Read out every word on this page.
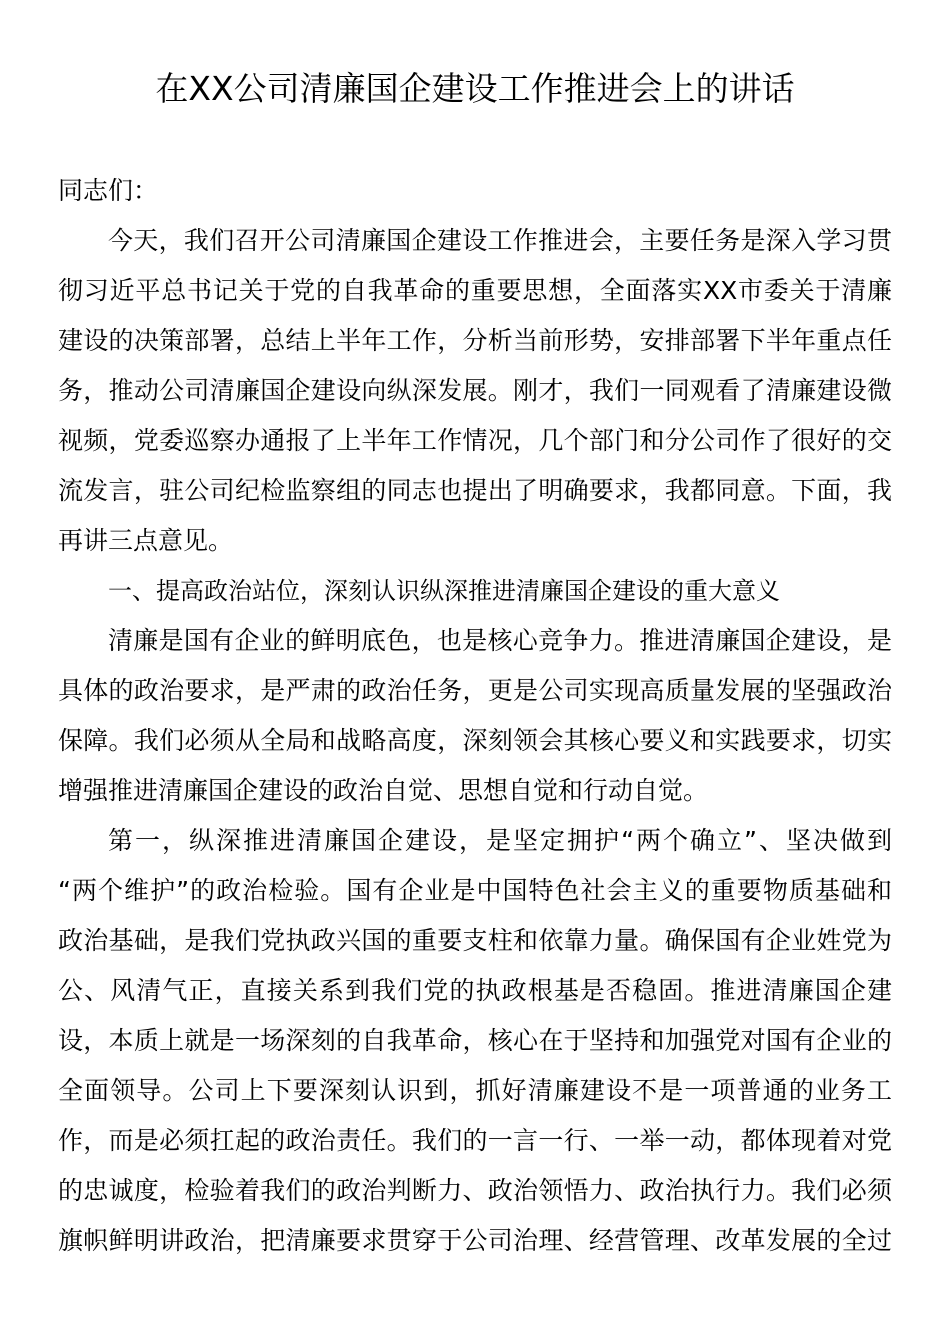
在XX公司清廉国企建设工作推进会上的讲话
同志们：
今天，我们召开公司清廉国企建设工作推进会，主要任务是深入学习贯
彻习近平总书记关于党的自我革命的重要思想，全面落实XX市委关于清廉
建设的决策部署，总结上半年工作，分析当前形势，安排部署下半年重点任
务，推动公司清廉国企建设向纵深发展。刚才，我们一同观看了清廉建设微
视频，党委巡察办通报了上半年工作情况，几个部门和分公司作了很好的交
流发言，驻公司纪检监察组的同志也提出了明确要求，我都同意。下面，我
再讲三点意见。
一、提高政治站位，深刻认识纵深推进清廉国企建设的重大意义
清廉是国有企业的鲜明底色，也是核心竞争力。推进清廉国企建设，是
具体的政治要求，是严肃的政治任务，更是公司实现高质量发展的坚强政治
保障。我们必须从全局和战略高度，深刻领会其核心要义和实践要求，切实
增强推进清廉国企建设的政治自觉、思想自觉和行动自觉。
第一，纵深推进清廉国企建设，是坚定拥护“两个确立”、坚决做到
“两个维护”的政治检验。国有企业是中国特色社会主义的重要物质基础和
政治基础，是我们党执政兴国的重要支柱和依靠力量。确保国有企业姓党为
公、风清气正，直接关系到我们党的执政根基是否稳固。推进清廉国企建
设，本质上就是一场深刻的自我革命，核心在于坚持和加强党对国有企业的
全面领导。公司上下要深刻认识到，抓好清廉建设不是一项普通的业务工
作，而是必须扛起的政治责任。我们的一言一行、一举一动，都体现着对党
的忠诚度，检验着我们的政治判断力、政治领悟力、政治执行力。我们必须
旗帜鲜明讲政治，把清廉要求贯穿于公司治理、经营管理、改革发展的全过
